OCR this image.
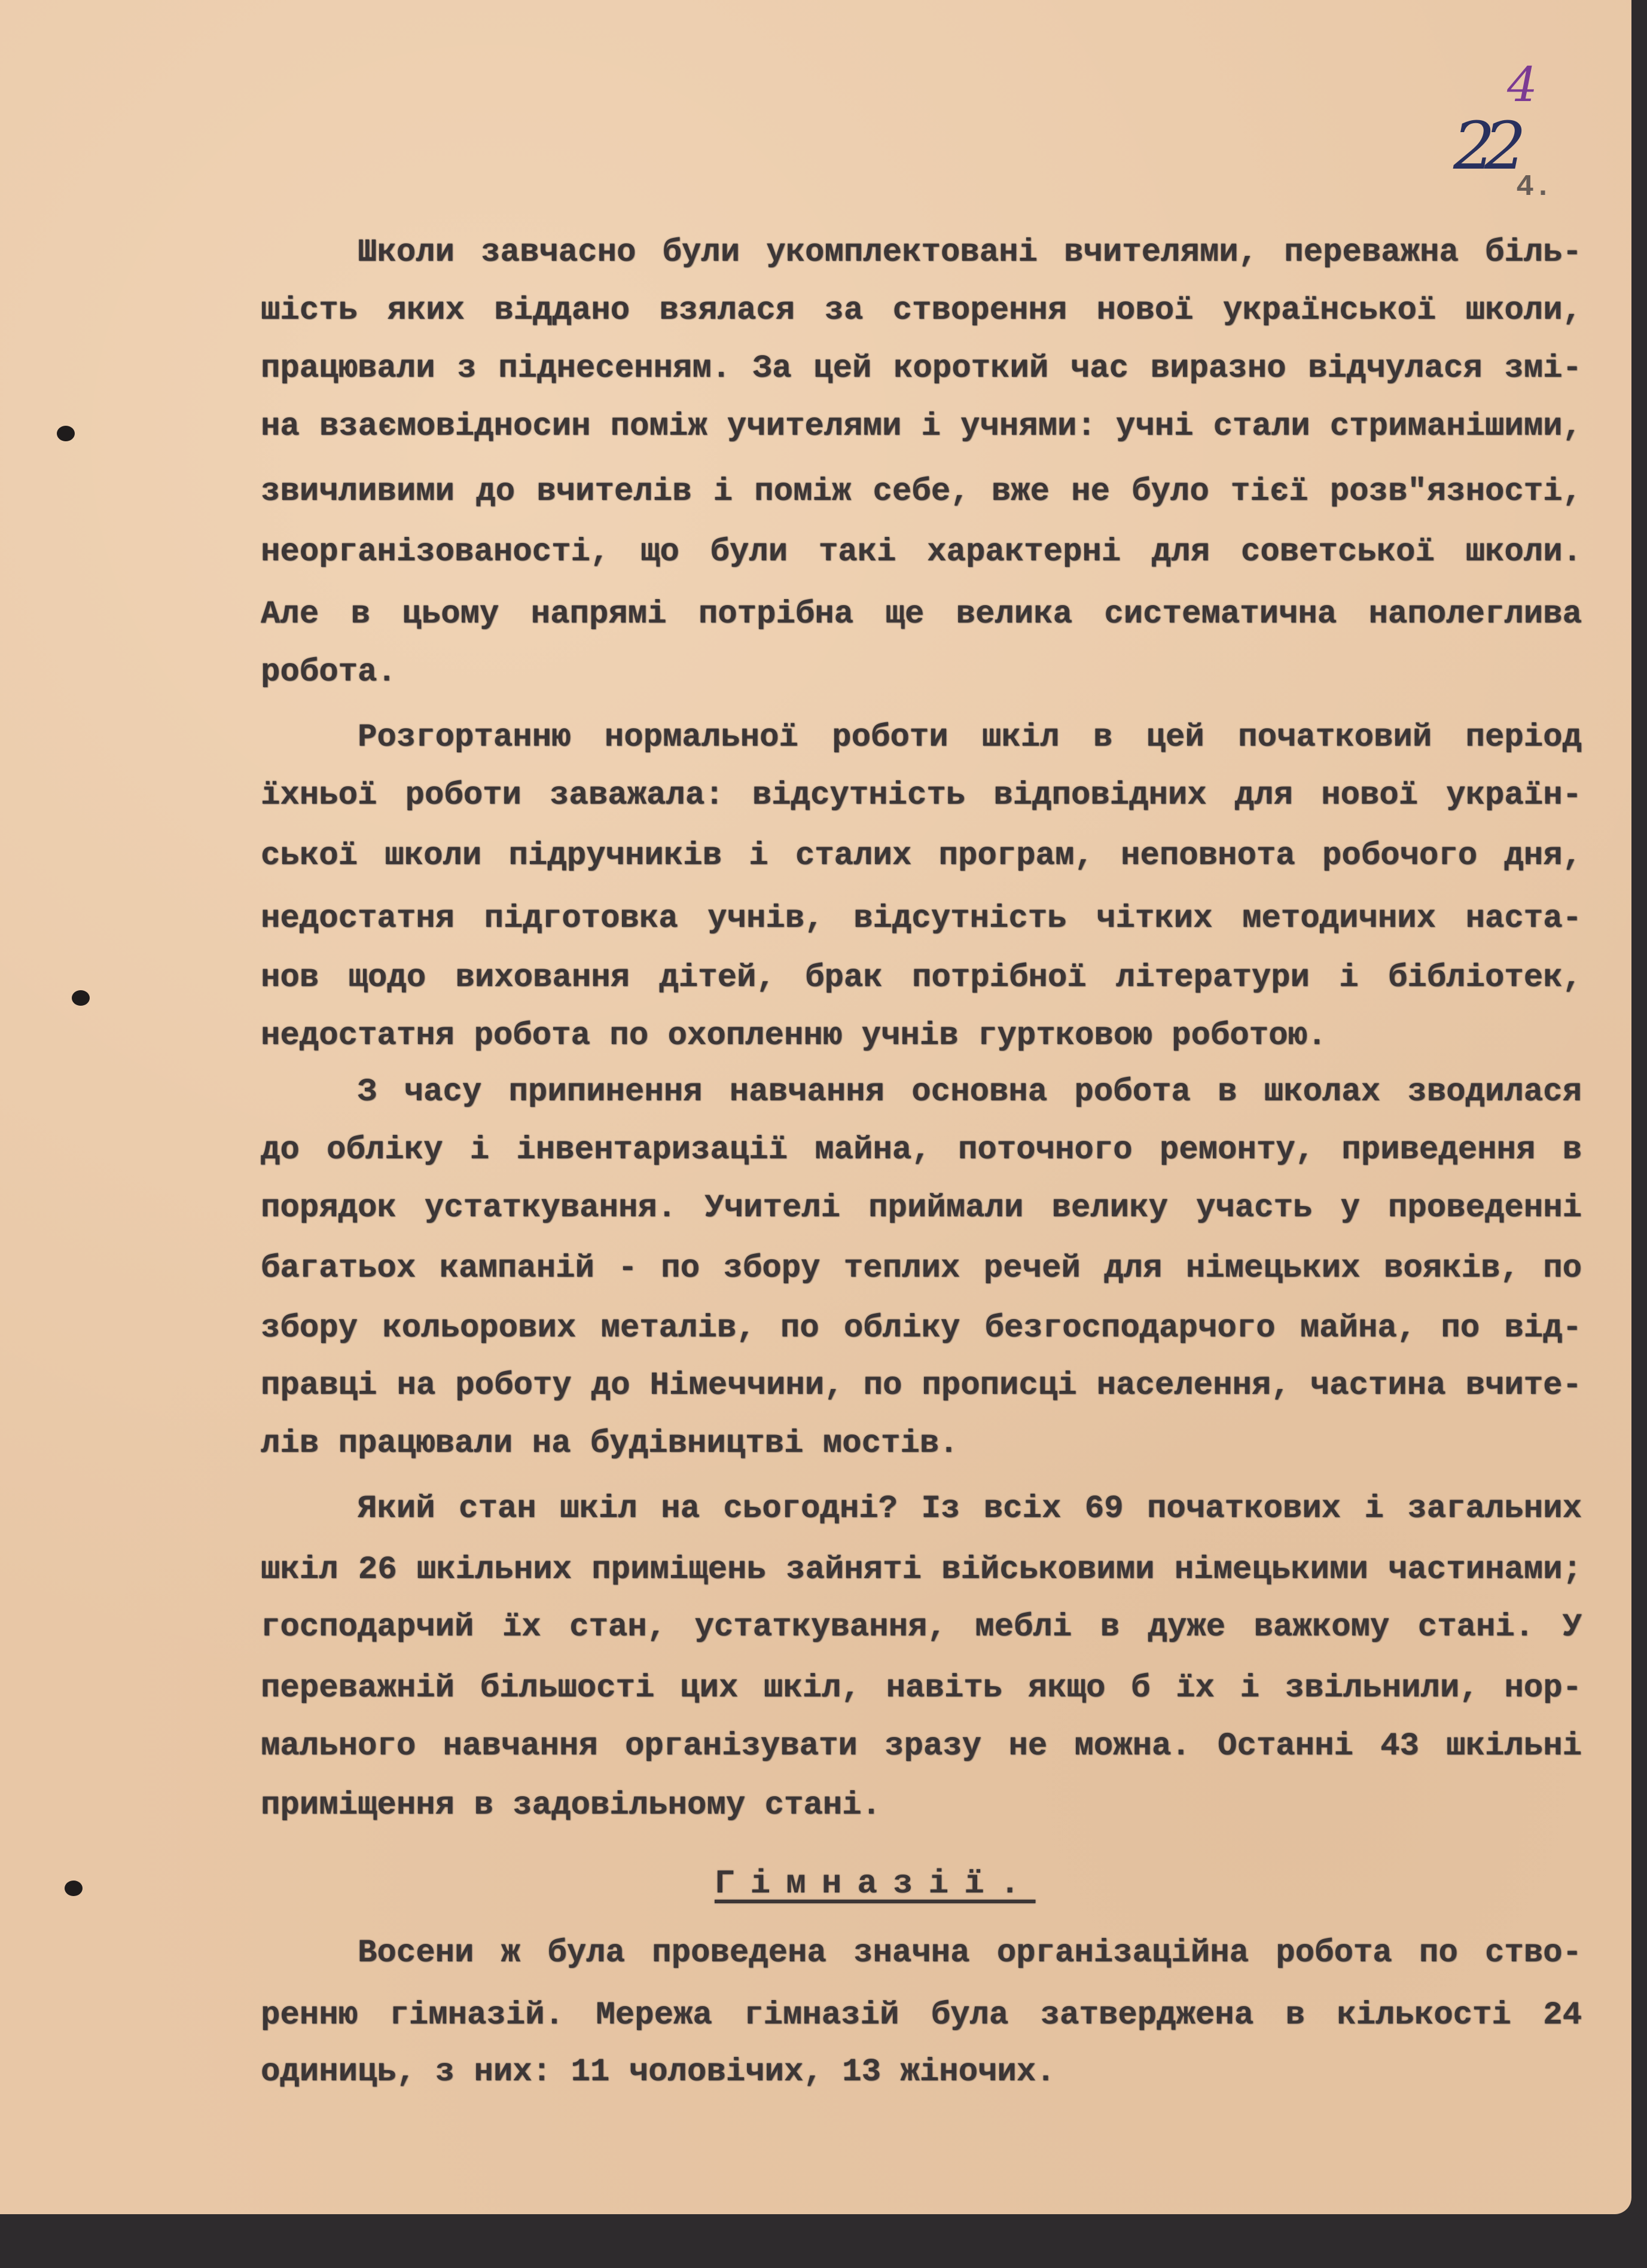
4
22
4.
Гімназії.
Школи завчасно були укомплектовані вчителями, переважна біль-
шість яких віддано взялася за створення нової української школи,
працювали з піднесенням. За цей короткий час виразно відчулася змі-
на взаємовідносин поміж учителями і учнями: учні стали стриманішими,
звичливими до вчителів і поміж себе, вже не було тієї розв"язності,
неорганізованості, що були такі характерні для советської школи.
Але в цьому напрямі потрібна ще велика систематична наполеглива
робота.
Розгортанню нормальної роботи шкіл в цей початковий період
їхньої роботи заважала: відсутність відповідних для нової україн-
ської школи підручників і сталих програм, неповнота робочого дня,
недостатня підготовка учнів, відсутність чітких методичних наста-
нов щодо виховання дітей, брак потрібної літератури і бібліотек,
недостатня робота по охопленню учнів гуртковою роботою.
З часу припинення навчання основна робота в школах зводилася
до обліку і інвентаризації майна, поточного ремонту, приведення в
порядок устаткування. Учителі приймали велику участь у проведенні
багатьох кампаній - по збору теплих речей для німецьких вояків, по
збору кольорових металів, по обліку безгосподарчого майна, по від-
правці на роботу до Німеччини, по прописці населення, частина вчите-
лів працювали на будівництві мостів.
Який стан шкіл на сьогодні? Із всіх 69 початкових і загальних
шкіл 26 шкільних приміщень зайняті військовими німецькими частинами;
господарчий їх стан, устаткування, меблі в дуже важкому стані. У
переважній більшості цих шкіл, навіть якщо б їх і звільнили, нор-
мального навчання організувати зразу не можна. Останні 43 шкільні
приміщення в задовільному стані.
Восени ж була проведена значна організаційна робота по ство-
ренню гімназій. Мережа гімназій була затверджена в кількості 24
одиниць, з них: 11 чоловічих, 13 жіночих.
